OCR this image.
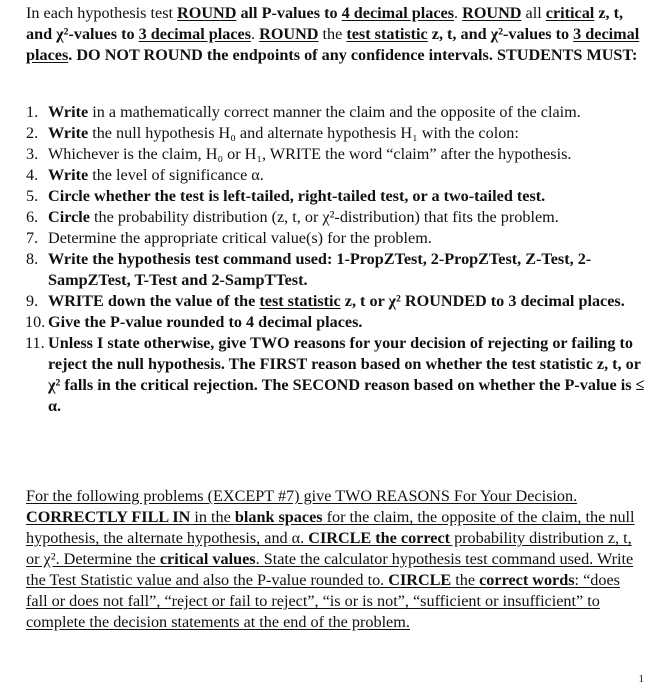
In each hypothesis test ROUND all P-values to 4 decimal places. ROUND all critical z, t, and χ²-values to 3 decimal places. ROUND the test statistic z, t, and χ²-values to 3 decimal places. DO NOT ROUND the endpoints of any confidence intervals. STUDENTS MUST:

1. Write in a mathematically correct manner the claim and the opposite of the claim.
2. Write the null hypothesis H₀ and alternate hypothesis H₁ with the colon:
3. Whichever is the claim, H₀ or H₁, WRITE the word “claim” after the hypothesis.
4. Write the level of significance α.
5. Circle whether the test is left-tailed, right-tailed test, or a two-tailed test.
6. Circle the probability distribution (z, t, or χ²-distribution) that fits the problem.
7. Determine the appropriate critical value(s) for the problem.
8. Write the hypothesis test command used: 1-PropZTest, 2-PropZTest, Z-Test, 2-SampZTest, T-Test and 2-SampTTest.
9. WRITE down the value of the test statistic z, t or χ² ROUNDED to 3 decimal places.
10. Give the P-value rounded to 4 decimal places.
11. Unless I state otherwise, give TWO reasons for your decision of rejecting or failing to reject the null hypothesis. The FIRST reason based on whether the test statistic z, t, or χ² falls in the critical rejection. The SECOND reason based on whether the P-value is ≤ α.

For the following problems (EXCEPT #7) give TWO REASONS For Your Decision. CORRECTLY FILL IN in the blank spaces for the claim, the opposite of the claim, the null hypothesis, the alternate hypothesis, and α. CIRCLE the correct probability distribution z, t, or χ². Determine the critical values. State the calculator hypothesis test command used. Write the Test Statistic value and also the P-value rounded to. CIRCLE the correct words: “does fall or does not fall”, “reject or fail to reject”, “is or is not”, “sufficient or insufficient” to complete the decision statements at the end of the problem.

1
